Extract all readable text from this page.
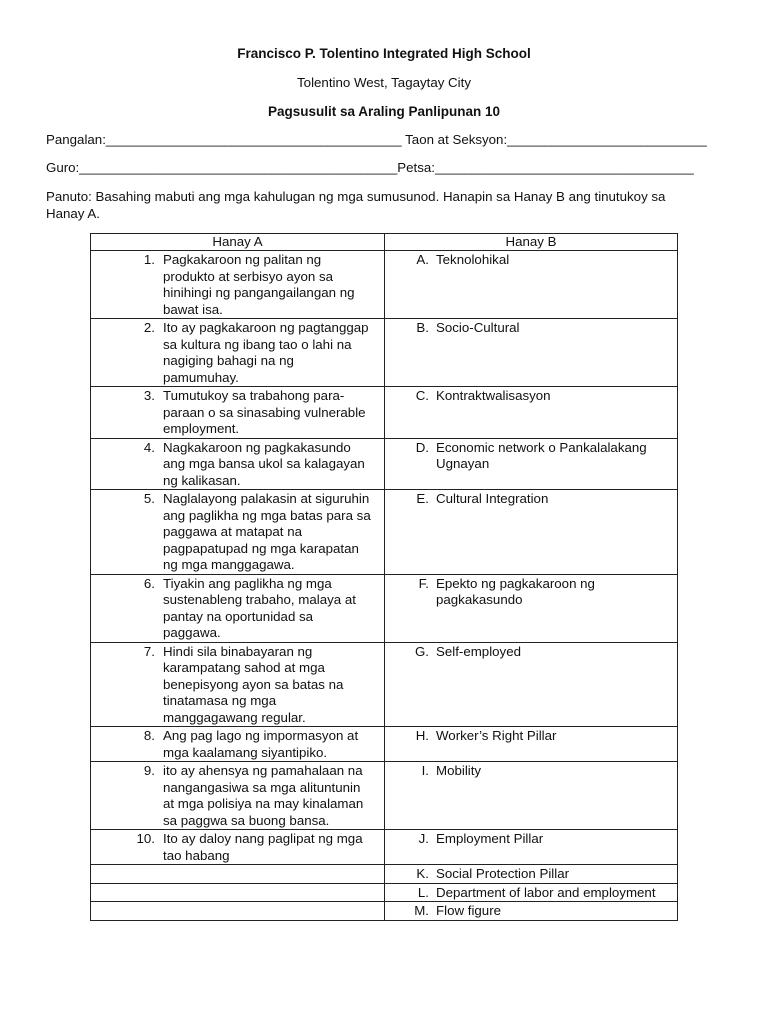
Francisco P. Tolentino Integrated High School
Tolentino West, Tagaytay City
Pagsusulit sa Araling Panlipunan 10
Pangalan:________________________________________ Taon at Seksyon:___________________________
Guro:___________________________________________Petsa:___________________________________
Panuto: Basahing mabuti ang mga kahulugan ng mga sumusunod. Hanapin sa Hanay B ang tinutukoy sa Hanay A.
Hanay A	Hanay B

1. Pagkakaroon ng palitan ng produkto at serbisyo ayon sa hinihingi ng pangangailangan ng bawat isa.	A. Teknolohikal

2. Ito ay pagkakaroon ng pagtanggap sa kultura ng ibang tao o lahi na nagiging bahagi na ng pamumuhay.	B. Socio-Cultural

3. Tumutukoy sa trabahong para-paraan o sa sinasabing vulnerable employment.	C. Kontraktwalisasyon

4. Nagkakaroon ng pagkakasundo ang mga bansa ukol sa kalagayan ng kalikasan.	D. Economic network o Pankalalakang Ugnayan

5. Naglalayong palakasin at siguruhin ang paglikha ng mga batas para sa paggawa at matapat na pagpapatupad ng mga karapatan ng mga manggagawa.	E. Cultural Integration

6. Tiyakin ang paglikha ng mga sustenableng trabaho, malaya at pantay na oportunidad sa paggawa.	F. Epekto ng pagkakaroon ng pagkakasundo

7. Hindi sila binabayaran ng karampatang sahod at mga benepisyong ayon sa batas na tinatamasa ng mga manggagawang regular.	G. Self-employed

8. Ang pag lago ng impormasyon at mga kaalamang siyantipiko.	H. Worker’s Right Pillar

9. ito ay ahensya ng pamahalaan na nangangasiwa sa mga alituntunin at mga polisiya na may kinalaman sa paggwa sa buong bansa.	I. Mobility

10. Ito ay daloy nang paglipat ng mga tao habang	J. Employment Pillar

	K. Social Protection Pillar

	L. Department of labor and employment

	M. Flow figure
